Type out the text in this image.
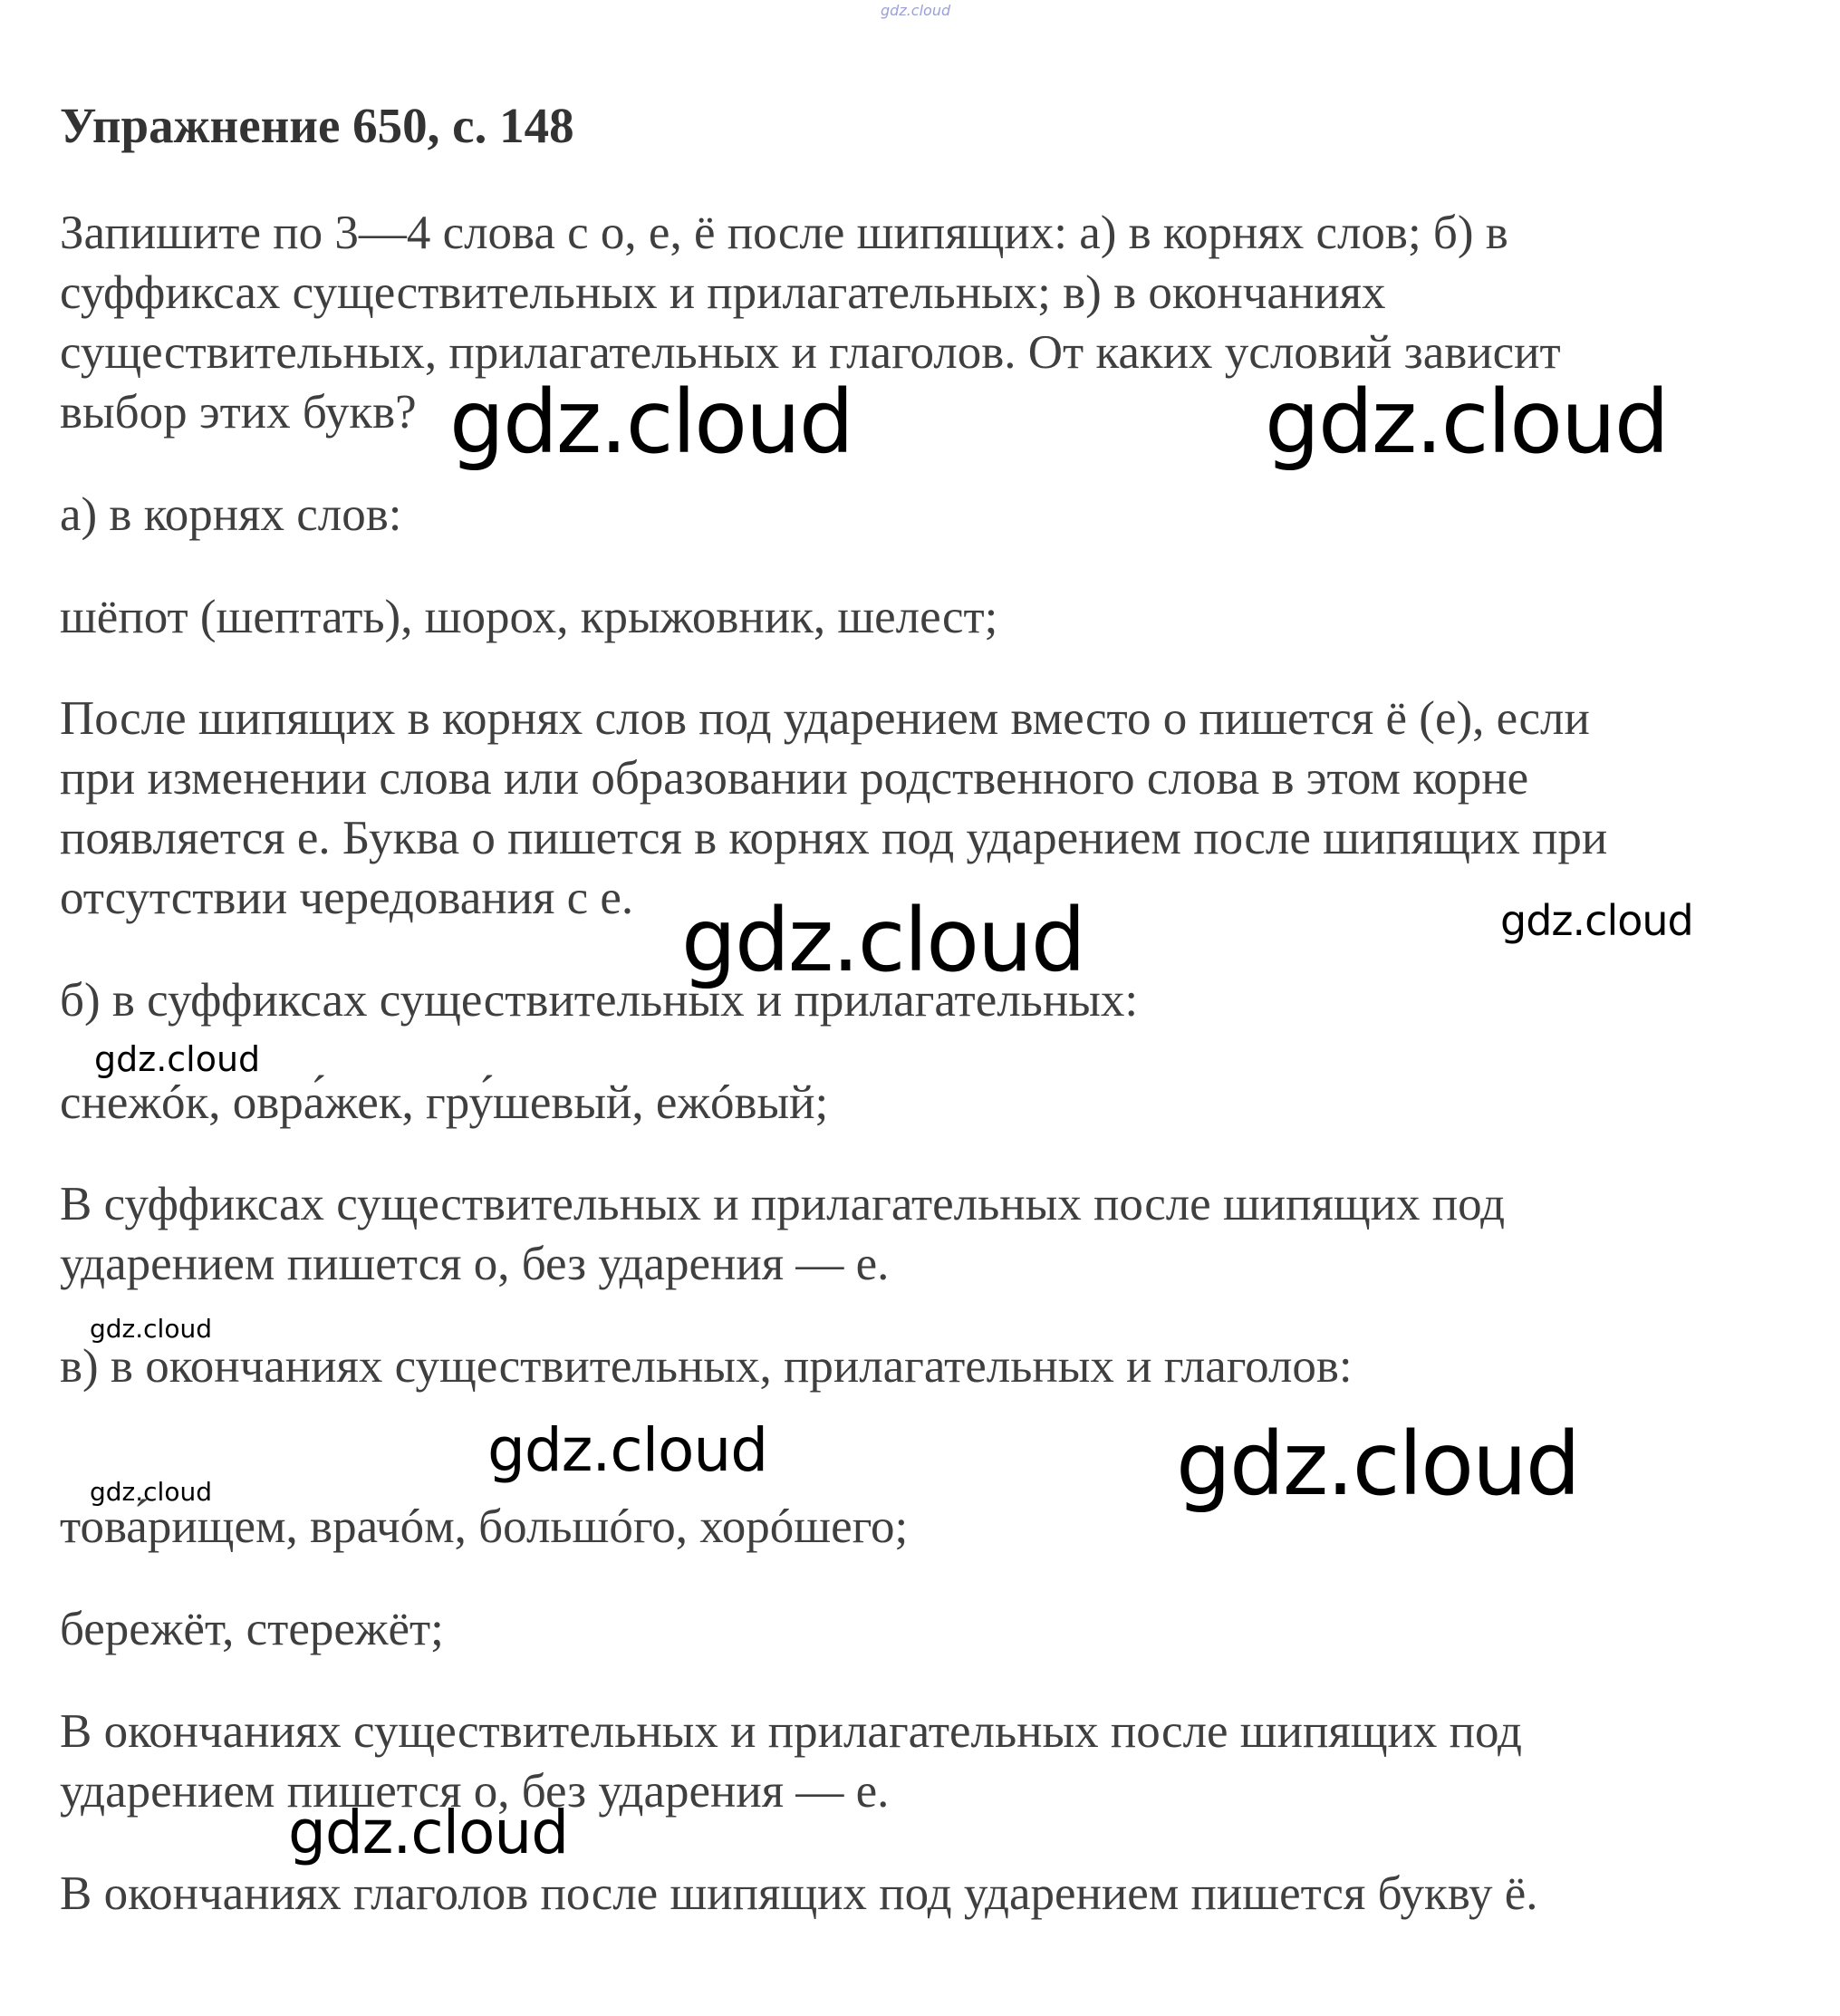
gdz.cloud
Упражнение 650, с. 148
Запишите по 3—4 слова с о, е, ё после шипящих: а) в корнях слов; б) в
суффиксах существительных и прилагательных; в) в окончаниях
существительных, прилагательных и глаголов. От каких условий зависит
выбор этих букв?
а) в корнях слов:
шёпот (шептать), шорох, крыжовник, шелест;
После шипящих в корнях слов под ударением вместо о пишется ё (е), если
при изменении слова или образовании родственного слова в этом корне
появляется е. Буква о пишется в корнях под ударением после шипящих при
отсутствии чередования с е.
б) в суффиксах существительных и прилагательных:
снежóк, овра́жек, гру́шевый, ежóвый;
В суффиксах существительных и прилагательных после шипящих под
ударением пишется о, без ударения — е.
в) в окончаниях существительных, прилагательных и глаголов:
това́рищем, врачóм, большóго, хорóшего;
бережёт, стережёт;
В окончаниях существительных и прилагательных после шипящих под
ударением пишется о, без ударения — е.
В окончаниях глаголов после шипящих под ударением пишется букву ё.
gdz.cloud	gdz.cloud
gdz.cloud	gdz.cloud
gdz.cloud
gdz.cloud
gdz.cloud	gdz.cloud
gdz.cloud
gdz.cloud
